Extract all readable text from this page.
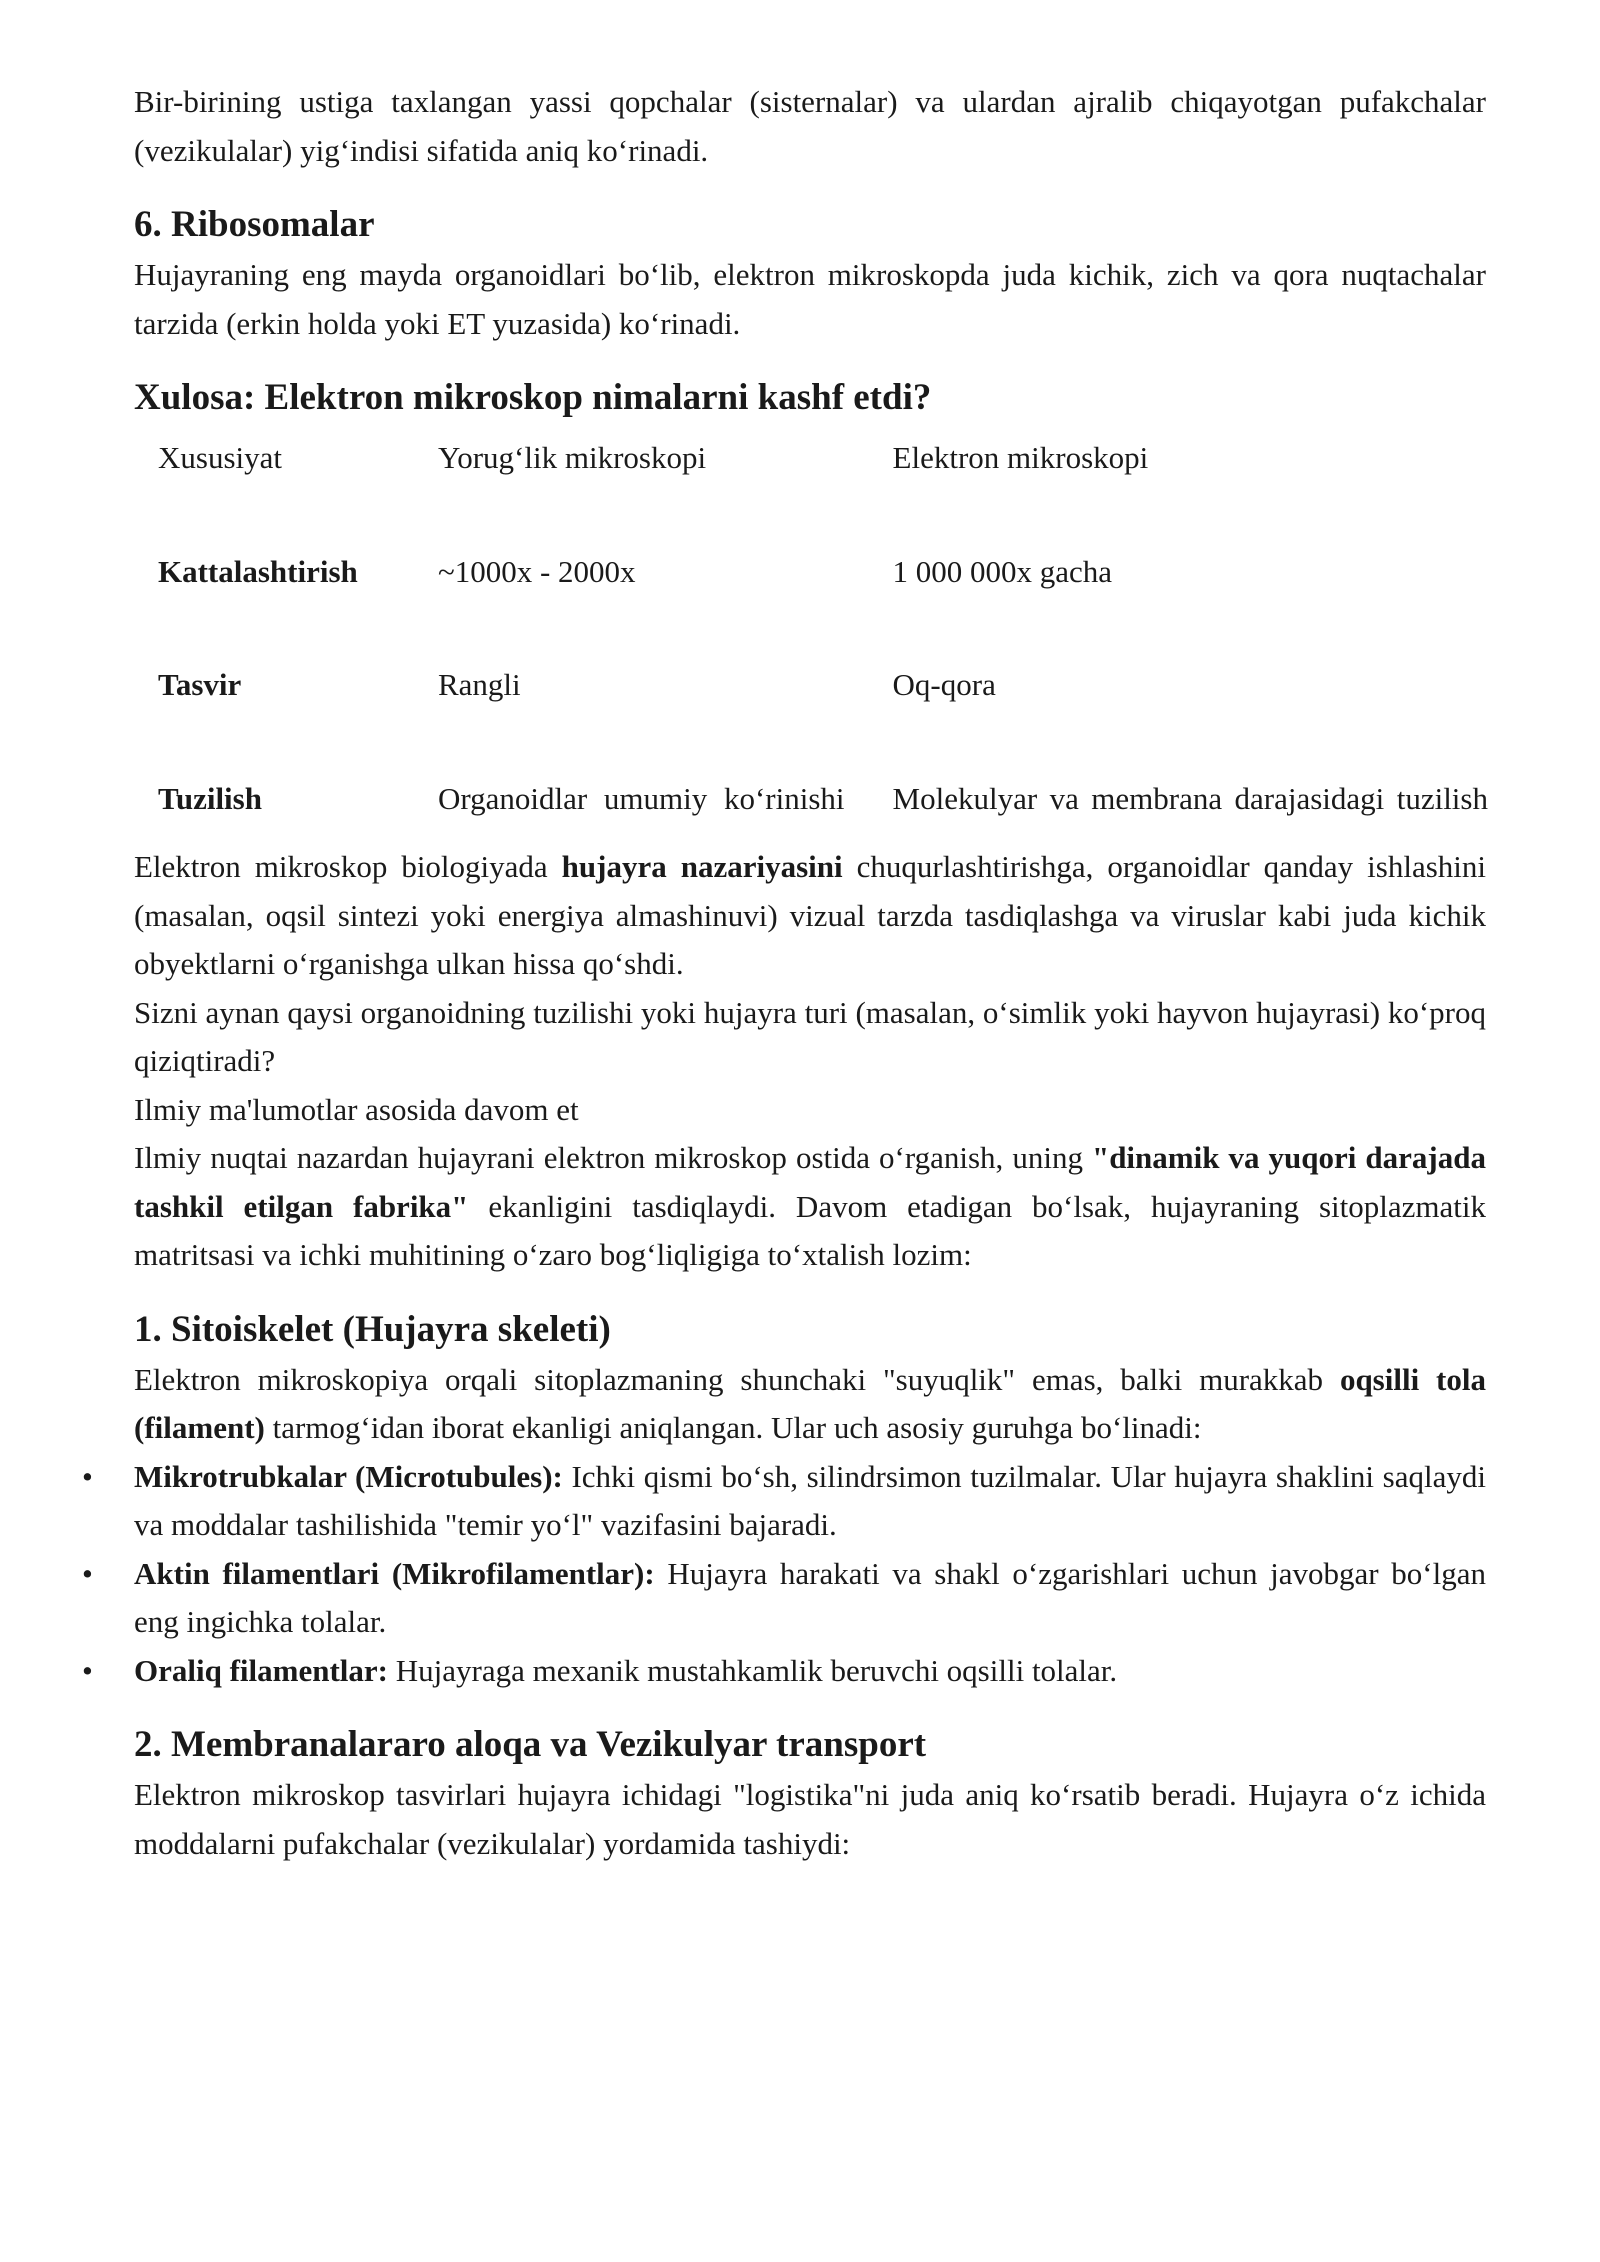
Bir-birining ustiga taxlangan yassi qopchalar (sisternalar) va ulardan ajralib chiqayotgan pufakchalar (vezikulalar) yig‘indisi sifatida aniq ko‘rinadi.

6. Ribosomalar

Hujayraning eng mayda organoidlari bo‘lib, elektron mikroskopda juda kichik, zich va qora nuqtachalar tarzida (erkin holda yoki ET yuzasida) ko‘rinadi.

Xulosa: Elektron mikroskop nimalarni kashf etdi?
Xususiyat	Yorug‘lik mikroskopi	Elektron mikroskopi
Kattalashtirish	~1000x - 2000x	1 000 000x gacha
Tasvir	Rangli	Oq-qora
Tuzilish	Organoidlar umumiy ko‘rinishi	Molekulyar va membrana darajasidagi tuzilish

Elektron mikroskop biologiyada hujayra nazariyasini chuqurlashtirishga, organoidlar qanday ishlashini (masalan, oqsil sintezi yoki energiya almashinuvi) vizual tarzda tasdiqlashga va viruslar kabi juda kichik obyektlarni o‘rganishga ulkan hissa qo‘shdi.

Sizni aynan qaysi organoidning tuzilishi yoki hujayra turi (masalan, o‘simlik yoki hayvon hujayrasi) ko‘proq qiziqtiradi?

Ilmiy ma'lumotlar asosida davom et

Ilmiy nuqtai nazardan hujayrani elektron mikroskop ostida o‘rganish, uning "dinamik va yuqori darajada tashkil etilgan fabrika" ekanligini tasdiqlaydi. Davom etadigan bo‘lsak, hujayraning sitoplazmatik matritsasi va ichki muhitining o‘zaro bog‘liqligiga to‘xtalish lozim:

1. Sitoiskelet (Hujayra skeleti)

Elektron mikroskopiya orqali sitoplazmaning shunchaki "suyuqlik" emas, balki murakkab oqsilli tola (filament) tarmog‘idan iborat ekanligi aniqlangan. Ular uch asosiy guruhga bo‘linadi:

• Mikrotrubkalar (Microtubules): Ichki qismi bo‘sh, silindrsimon tuzilmalar. Ular hujayra shaklini saqlaydi va moddalar tashilishida "temir yo‘l" vazifasini bajaradi.
• Aktin filamentlari (Mikrofilamentlar): Hujayra harakati va shakl o‘zgarishlari uchun javobgar bo‘lgan eng ingichka tolalar.
• Oraliq filamentlar: Hujayraga mexanik mustahkamlik beruvchi oqsilli tolalar.
2. Membranalararo aloqa va Vezikulyar transport

Elektron mikroskop tasvirlari hujayra ichidagi "logistika"ni juda aniq ko‘rsatib beradi. Hujayra o‘z ichida moddalarni pufakchalar (vezikulalar) yordamida tashiydi:
